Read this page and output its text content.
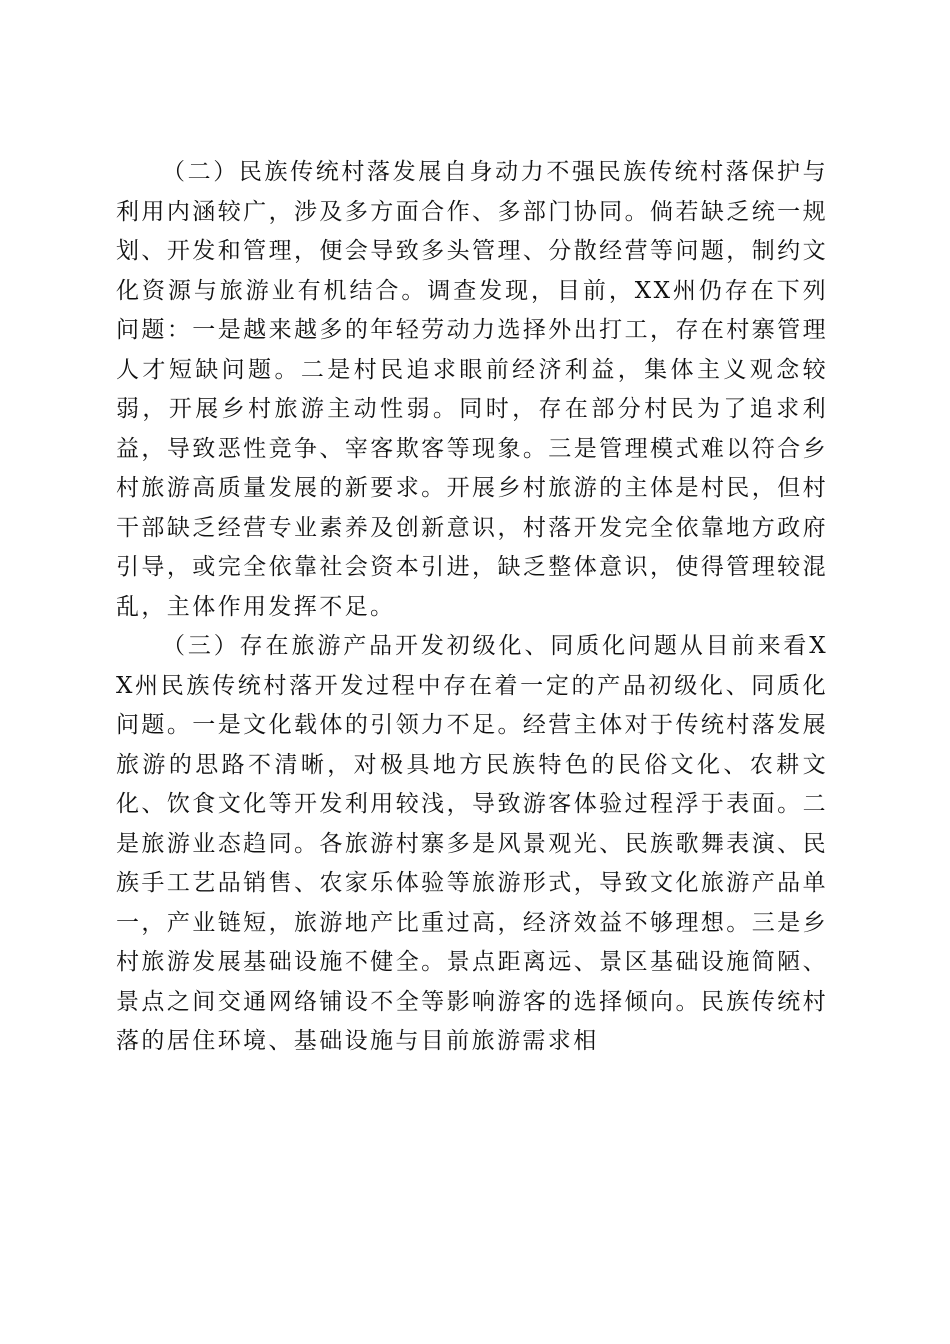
（二）民族传统村落发展自身动力不强民族传统村落保护与利用内涵较广，涉及多方面合作、多部门协同。倘若缺乏统一规划、开发和管理，便会导致多头管理、分散经营等问题，制约文化资源与旅游业有机结合。调查发现，目前，XX州仍存在下列问题：一是越来越多的年轻劳动力选择外出打工，存在村寨管理人才短缺问题。二是村民追求眼前经济利益，集体主义观念较弱，开展乡村旅游主动性弱。同时，存在部分村民为了追求利益，导致恶性竞争、宰客欺客等现象。三是管理模式难以符合乡村旅游高质量发展的新要求。开展乡村旅游的主体是村民，但村干部缺乏经营专业素养及创新意识，村落开发完全依靠地方政府引导，或完全依靠社会资本引进，缺乏整体意识，使得管理较混乱，主体作用发挥不足。

（三）存在旅游产品开发初级化、同质化问题从目前来看XX州民族传统村落开发过程中存在着一定的产品初级化、同质化问题。一是文化载体的引领力不足。经营主体对于传统村落发展旅游的思路不清晰，对极具地方民族特色的民俗文化、农耕文化、饮食文化等开发利用较浅，导致游客体验过程浮于表面。二是旅游业态趋同。各旅游村寨多是风景观光、民族歌舞表演、民族手工艺品销售、农家乐体验等旅游形式，导致文化旅游产品单一，产业链短，旅游地产比重过高，经济效益不够理想。三是乡村旅游发展基础设施不健全。景点距离远、景区基础设施简陋、景点之间交通网络铺设不全等影响游客的选择倾向。民族传统村落的居住环境、基础设施与目前旅游需求相
